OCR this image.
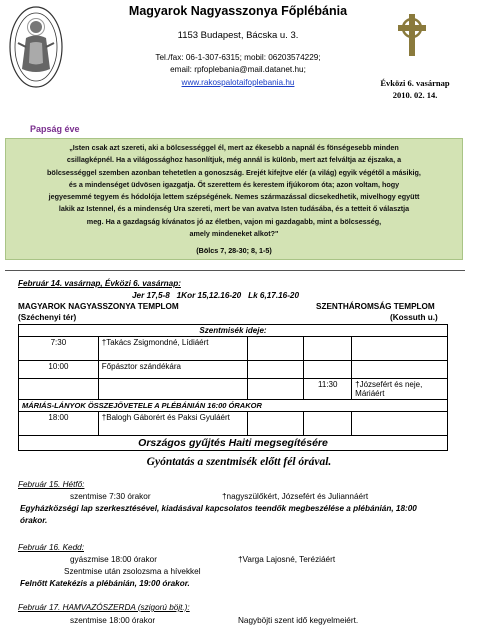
Magyarok Nagyasszonya Főplébánia
1153 Budapest, Bácska u. 3.
Tel./fax: 06-1-307-6315; mobil: 06203574229;
email: rpfoplebania@mail.datanet.hu;
www.rakospalotaifoplebania.hu	Évközi 6. vasárnap
2010. 02. 14.
Papság éve
„Isten csak azt szereti, aki a bölcsességgel él, mert az ékesebb a napnál és fönségesebb minden
csillagképnél. Ha a világossághoz hasonlítjuk, még annál is különb, mert azt felváltja az éjszaka, a
bölcsességgel szemben azonban tehetetlen a gonoszság. Erejét kifejtve elér (a világ) egyik végétől a másikig,
és a mindenséget üdvösen igazgatja. Őt szerettem és kerestem ifjúkorom óta; azon voltam, hogy
jegyesemmé tegyem és hódolója lettem szépségének. Nemes származással dicsekedhetik, mivelhogy együtt
lakik az Istennel, és a mindenség Ura szereti, mert be van avatva Isten tudásába, és a tetteit ő választja
meg. Ha a gazdagság kívánatos jó az életben, vajon mi gazdagabb, mint a bölcsesség,
amely mindeneket alkot?"
(Bölcs 7, 28-30; 8, 1-5)
Február 14. vasárnap, Évközi 6. vasárnap:
Jer 17,5-8   1Kor 15,12.16-20   Lk 6,17.16-20
MAGYAROK NAGYASSZONYA TEMPLOM
(Széchenyi tér)
SZENTHÁROMSÁG TEMPLOM
(Kossuth u.)
Szentmisék ideje:				
7:30	†Takács Zsigmondné, Lídiáért			
10:00	Főpásztor szándékára			
			11:30	†Józsefért és neje, Máriáért
MÁRIÁS-LÁNYOK ÖSSZEJÖVETELE A PLÉBÁNIÁN 16:00 ÓRAKOR				
18:00	†Balogh Gáborért és Paksi Gyuláért			
Országos gyűjtés Haiti megsegítésére				
Gyóntatás a szentmisék előtt fél órával.
Február 15. Hétfő:
szentmise 7:30 órakor	†nagyszülőkért, Józsefért és Juliannáért
Egyházközségi lap szerkesztésével, kiadásával kapcsolatos teendők megbeszélése a plébánián, 18:00 órakor.
Február 16. Kedd:
gyászmise 18:00 órakor	†Varga Lajosné, Teréziáért
Szentmise után zsolozsma a hívekkel
Felnőtt Katekézis a plébánián, 19:00 órakor.
Február 17. HAMVAZÓSZERDA (szigorú böjt.):
szentmise 18:00 órakor	Nagyböjti szent idő kegyelmeiért.
